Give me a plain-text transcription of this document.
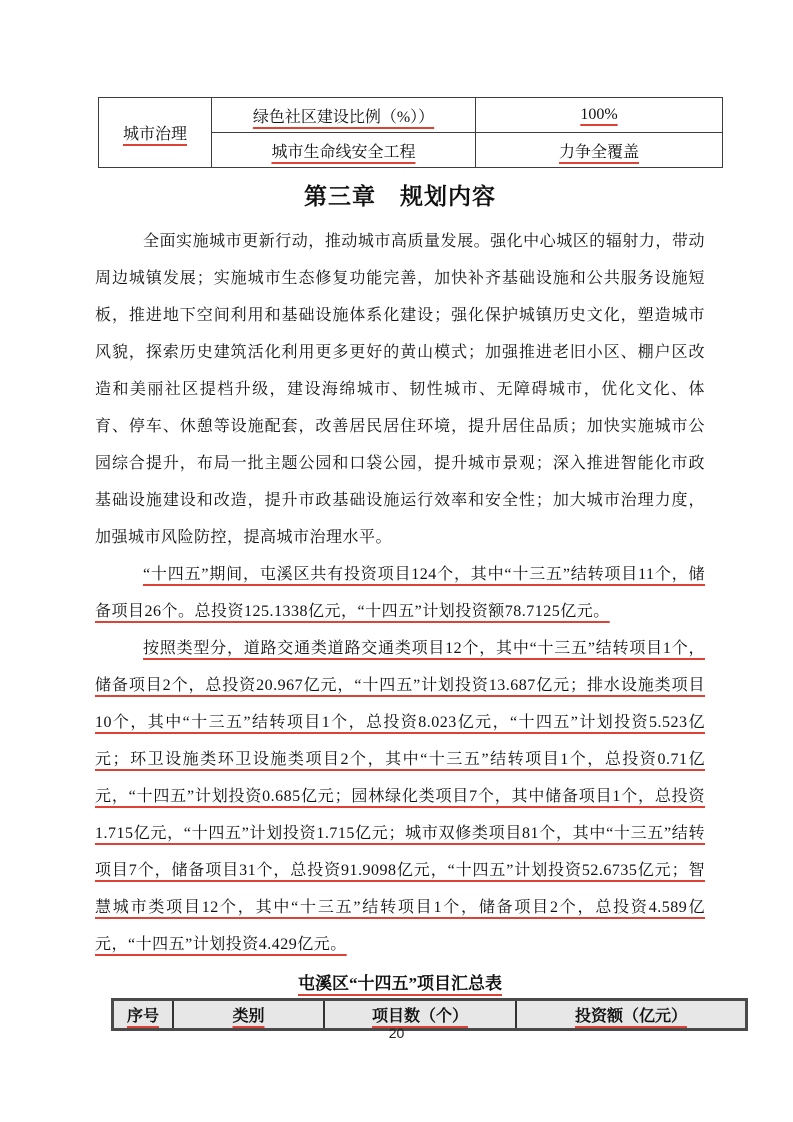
城市治理	绿色社区建设比例（%））	100%
	城市生命线安全工程	力争全覆盖
第三章　规划内容

全面实施城市更新行动，推动城市高质量发展。强化中心城区的辐射力，带动周边城镇发展；实施城市生态修复功能完善，加快补齐基础设施和公共服务设施短板，推进地下空间利用和基础设施体系化建设；强化保护城镇历史文化，塑造城市风貌，探索历史建筑活化利用更多更好的黄山模式；加强推进老旧小区、棚户区改造和美丽社区提档升级，建设海绵城市、韧性城市、无障碍城市，优化文化、体育、停车、休憩等设施配套，改善居民居住环境，提升居住品质；加快实施城市公园综合提升，布局一批主题公园和口袋公园，提升城市景观；深入推进智能化市政基础设施建设和改造，提升市政基础设施运行效率和安全性；加大城市治理力度，加强城市风险防控，提高城市治理水平。

“十四五”期间，屯溪区共有投资项目124个，其中“十三五”结转项目11个，储备项目26个。总投资125.1338亿元，“十四五”计划投资额78.7125亿元。

按照类型分，道路交通类道路交通类项目12个，其中“十三五”结转项目1个，储备项目2个，总投资20.967亿元，“十四五”计划投资13.687亿元；排水设施类项目10个，其中“十三五”结转项目1个，总投资8.023亿元，“十四五”计划投资5.523亿元；环卫设施类环卫设施类项目2个，其中“十三五”结转项目1个，总投资0.71亿元，“十四五”计划投资0.685亿元；园林绿化类项目7个，其中储备项目1个，总投资1.715亿元，“十四五”计划投资1.715亿元；城市双修类项目81个，其中“十三五”结转项目7个，储备项目31个，总投资91.9098亿元，“十四五”计划投资52.6735亿元；智慧城市类项目12个，其中“十三五”结转项目1个，储备项目2个，总投资4.589亿元，“十四五”计划投资4.429亿元。

屯溪区“十四五”项目汇总表
序号	类别	项目数（个）	投资额（亿元）
20
